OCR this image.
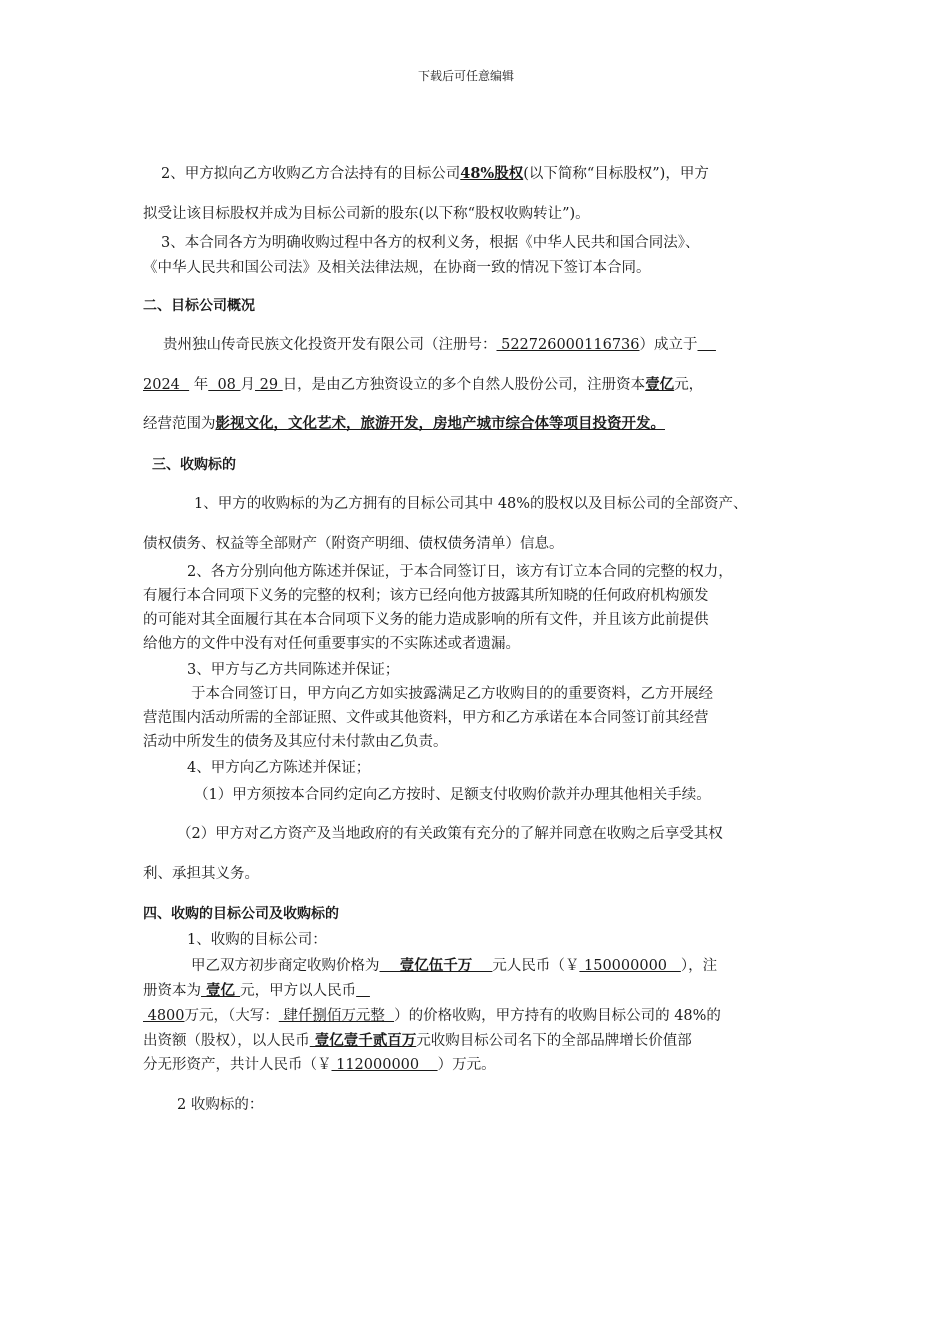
下载后可任意编辑
2、甲方拟向乙方收购乙方合法持有的目标公司48%股权(以下简称“目标股权”)，甲方
拟受让该目标股权并成为目标公司新的股东(以下称“股权收购转让”)。
3、本合同各方为明确收购过程中各方的权利义务，根据《中华人民共和国合同法》、
《中华人民共和国公司法》及相关法律法规，在协商一致的情况下签订本合同。
二、目标公司概况
贵州独山传奇民族文化投资开发有限公司（注册号： 522726000116736）成立于
2024   年  08 月 29 日，是由乙方独资设立的多个自然人股份公司，注册资本壹亿元，
经营范围为影视文化，文化艺术，旅游开发，房地产城市综合体等项目投资开发。
三、收购标的
1、甲方的收购标的为乙方拥有的目标公司其中 48%的股权以及目标公司的全部资产、
债权债务、权益等全部财产（附资产明细、债权债务清单）信息。
2、各方分别向他方陈述并保证，于本合同签订日，该方有订立本合同的完整的权力，
有履行本合同项下义务的完整的权利；该方已经向他方披露其所知晓的任何政府机构颁发
的可能对其全面履行其在本合同项下义务的能力造成影响的所有文件，并且该方此前提供
给他方的文件中没有对任何重要事实的不实陈述或者遗漏。
3、甲方与乙方共同陈述并保证；
于本合同签订日，甲方向乙方如实披露满足乙方收购目的的重要资料，乙方开展经
营范围内活动所需的全部证照、文件或其他资料，甲方和乙方承诺在本合同签订前其经营
活动中所发生的债务及其应付未付款由乙负责。
4、甲方向乙方陈述并保证；
（1）甲方须按本合同约定向乙方按时、足额支付收购价款并办理其他相关手续。
（2）甲方对乙方资产及当地政府的有关政策有充分的了解并同意在收购之后享受其权
利、承担其义务。
四、收购的目标公司及收购标的
1、收购的目标公司：
甲乙双方初步商定收购价格为    壹亿伍千万    元人民币（￥ 150000000   ），注
册资本为 壹亿 元，甲方以人民币
4800万元，（大写： 肆仟捌佰万元整  ）的价格收购，甲方持有的收购目标公司的 48%的
出资额（股权），以人民币 壹亿壹千贰百万元收购目标公司名下的全部品牌增长价值部
分无形资产，共计人民币（￥ 112000000    ）万元。
2 收购标的：
